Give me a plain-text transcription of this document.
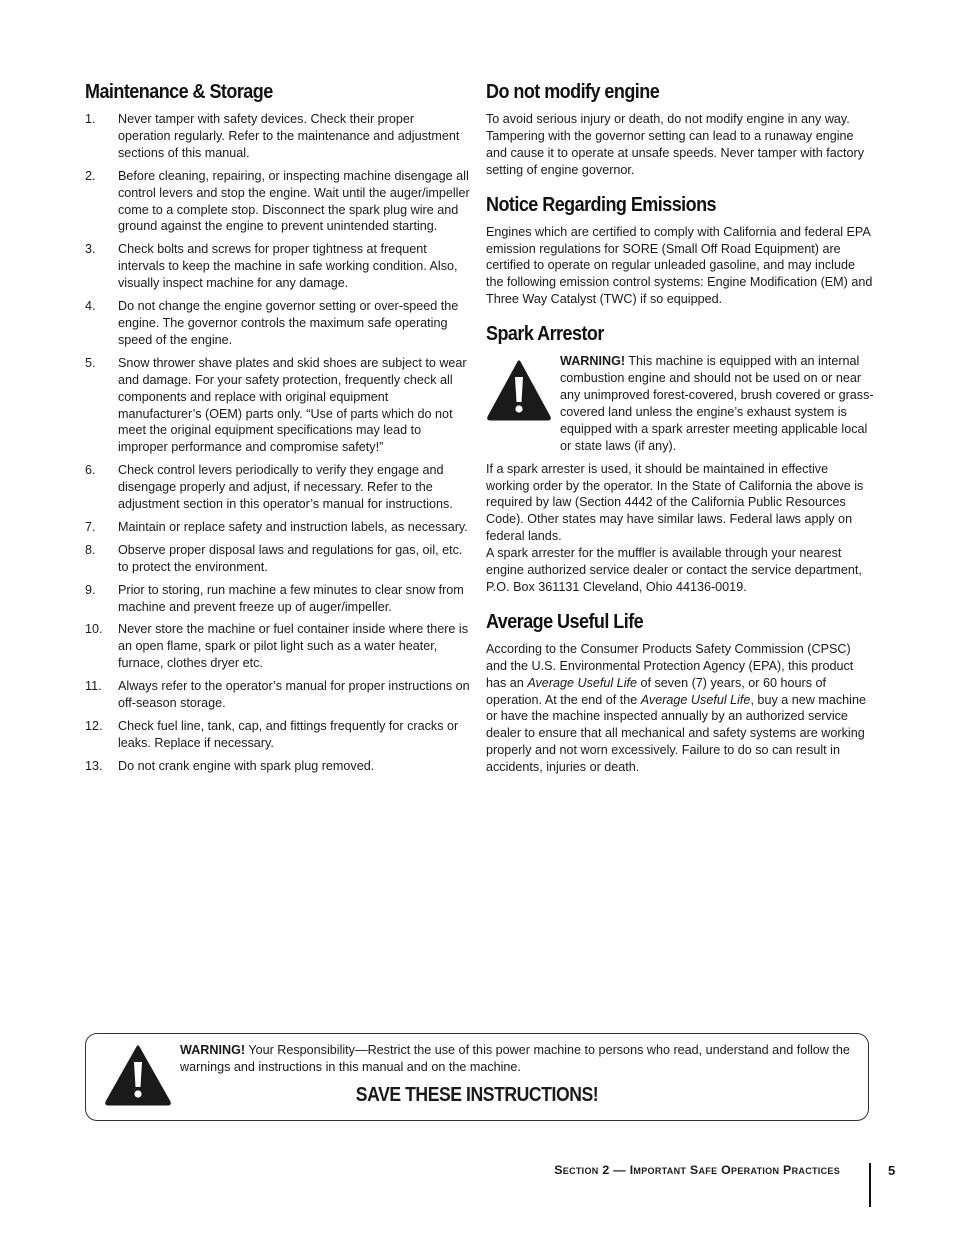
Maintenance & Storage
1. Never tamper with safety devices. Check their proper operation regularly. Refer to the maintenance and adjustment sections of this manual.
2. Before cleaning, repairing, or inspecting machine disengage all control levers and stop the engine. Wait until the auger/impeller come to a complete stop. Disconnect the spark plug wire and ground against the engine to prevent unintended starting.
3. Check bolts and screws for proper tightness at frequent intervals to keep the machine in safe working condition. Also, visually inspect machine for any damage.
4. Do not change the engine governor setting or over-speed the engine. The governor controls the maximum safe operating speed of the engine.
5. Snow thrower shave plates and skid shoes are subject to wear and damage. For your safety protection, frequently check all components and replace with original equipment manufacturer’s (OEM) parts only. “Use of parts which do not meet the original equipment specifications may lead to improper performance and compromise safety!”
6. Check control levers periodically to verify they engage and disengage properly and adjust, if necessary. Refer to the adjustment section in this operator’s manual for instructions.
7. Maintain or replace safety and instruction labels, as necessary.
8. Observe proper disposal laws and regulations for gas, oil, etc. to protect the environment.
9. Prior to storing, run machine a few minutes to clear snow from machine and prevent freeze up of auger/impeller.
10. Never store the machine or fuel container inside where there is an open flame, spark or pilot light such as a water heater, furnace, clothes dryer etc.
11. Always refer to the operator’s manual for proper instructions on off-season storage.
12. Check fuel line, tank, cap, and fittings frequently for cracks or leaks. Replace if necessary.
13. Do not crank engine with spark plug removed.
Do not modify engine

To avoid serious injury or death, do not modify engine in any way. Tampering with the governor setting can lead to a runaway engine and cause it to operate at unsafe speeds. Never tamper with factory setting of engine governor.

Notice Regarding Emissions

Engines which are certified to comply with California and federal EPA emission regulations for SORE (Small Off Road Equipment) are certified to operate on regular unleaded gasoline, and may include the following emission control systems: Engine Modification (EM) and Three Way Catalyst (TWC) if so equipped.

Spark Arrestor

WARNING! This machine is equipped with an internal combustion engine and should not be used on or near any unimproved forest-covered, brush covered or grass-covered land unless the engine’s exhaust system is equipped with a spark arrester meeting applicable local or state laws (if any).

If a spark arrester is used, it should be maintained in effective working order by the operator. In the State of California the above is required by law (Section 4442 of the California Public Resources Code). Other states may have similar laws. Federal laws apply on federal lands.

A spark arrester for the muffler is available through your nearest engine authorized service dealer or contact the service department, P.O. Box 361131 Cleveland, Ohio 44136-0019.

Average Useful Life

According to the Consumer Products Safety Commission (CPSC) and the U.S. Environmental Protection Agency (EPA), this product has an Average Useful Life of seven (7) years, or 60 hours of operation. At the end of the Average Useful Life, buy a new machine or have the machine inspected annually by an authorized service dealer to ensure that all mechanical and safety systems are working properly and not worn excessively. Failure to do so can result in accidents, injuries or death.

WARNING! Your Responsibility—Restrict the use of this power machine to persons who read, understand and follow the warnings and instructions in this manual and on the machine.

SAVE THESE INSTRUCTIONS!
Section 2 — Important Safe Operation Practices	5
